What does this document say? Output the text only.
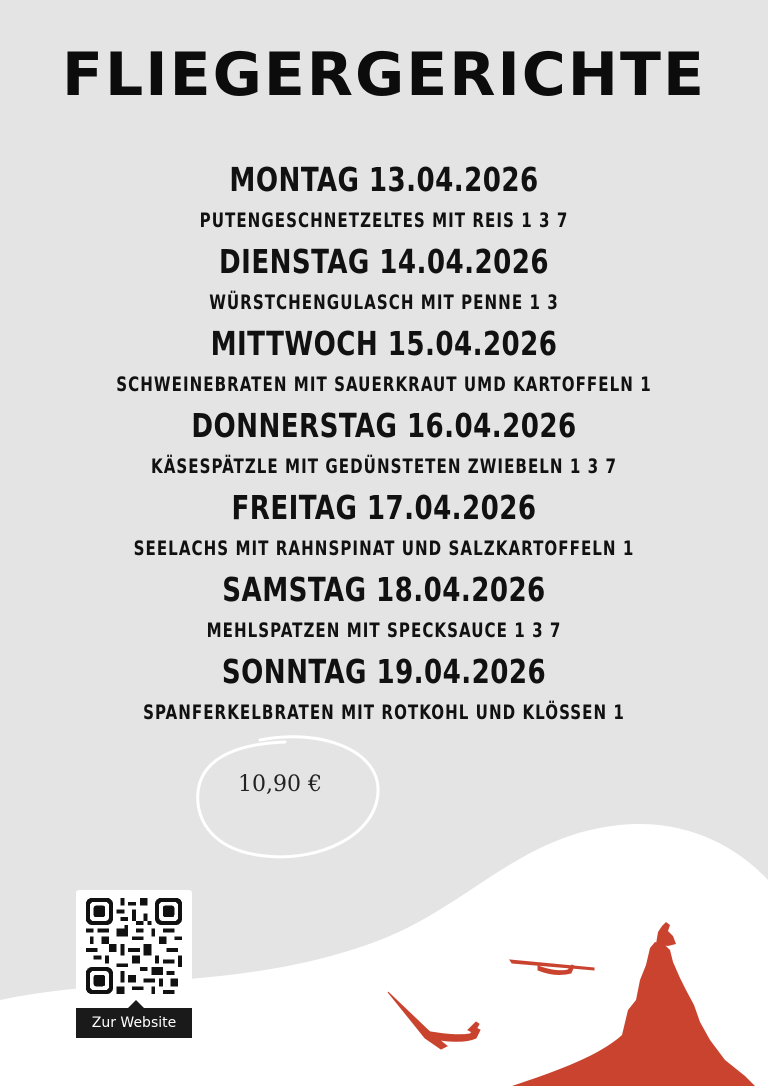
FLIEGERGERICHTE
MONTAG 13.04.2026
PUTENGESCHNETZELTES MIT REIS 1 3 7
DIENSTAG 14.04.2026
WÜRSTCHENGULASCH MIT PENNE 1 3
MITTWOCH 15.04.2026
SCHWEINEBRATEN MIT SAUERKRAUT UMD KARTOFFELN 1
DONNERSTAG 16.04.2026
KÄSESPÄTZLE MIT GEDÜNSTETEN ZWIEBELN 1 3 7
FREITAG 17.04.2026
SEELACHS MIT RAHNSPINAT UND SALZKARTOFFELN 1
SAMSTAG 18.04.2026
MEHLSPATZEN MIT SPECKSAUCE 1 3 7
SONNTAG 19.04.2026
SPANFERKELBRATEN MIT ROTKOHL UND KLÖSSEN 1
10,90 €
Zur Website
